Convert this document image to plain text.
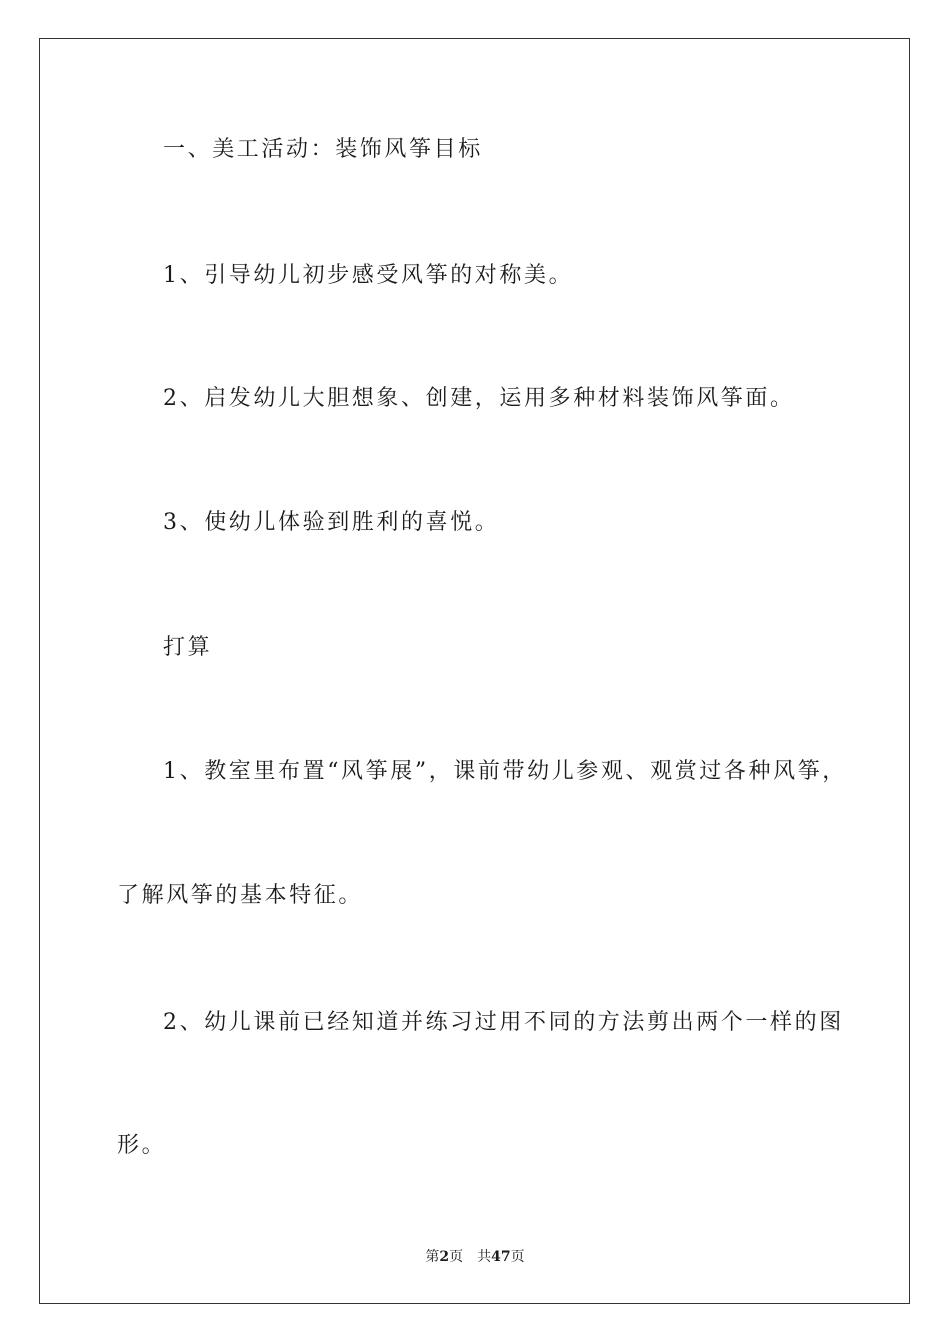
一、美工活动：装饰风筝目标

1、引导幼儿初步感受风筝的对称美。

2、启发幼儿大胆想象、创建，运用多种材料装饰风筝面。

3、使幼儿体验到胜利的喜悦。

打算

1、教室里布置“风筝展”，课前带幼儿参观、观赏过各种风筝，

了解风筝的基本特征。

2、幼儿课前已经知道并练习过用不同的方法剪出两个一样的图

形。

第2页 共47页
